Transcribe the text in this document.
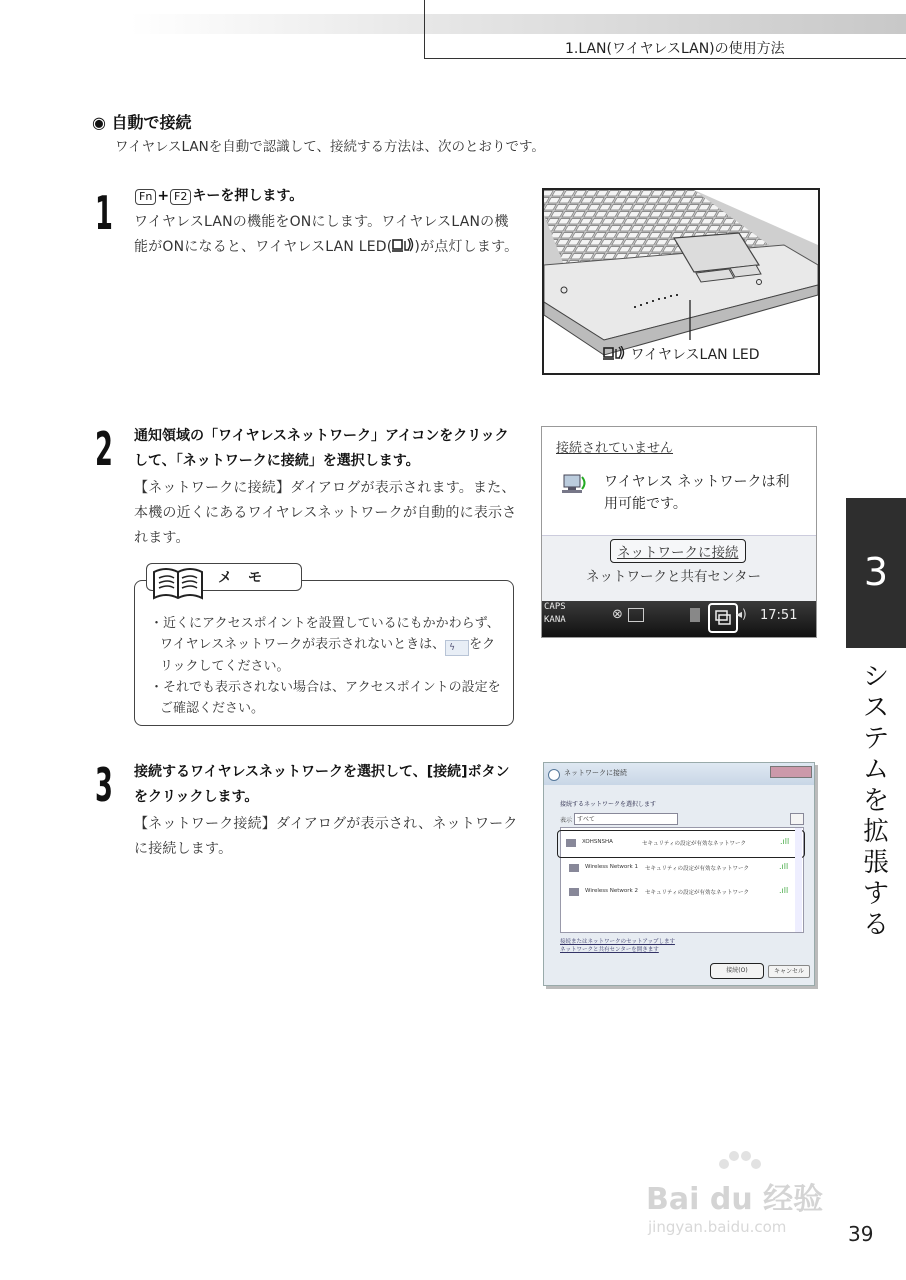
1.LAN(ワイヤレスLAN)の使用方法
◉ 自動で接続
ワイヤレスLANを自動で認識して、接続する方法は、次のとおりです。
1	Fn + F2 キーを押します。
ワイヤレスLANの機能をONにします。ワイヤレスLANの機能がONになると、ワイヤレスLAN LED( )が点灯します。
ワイヤレスLAN LED
2 通知領域の「ワイヤレスネットワーク」アイコンをクリックして、「ネットワークに接続」を選択します。
【ネットワークに接続】ダイアログが表示されます。また、本機の近くにあるワイヤレスネットワークが自動的に表示されます。
接続されていません
ワイヤレス ネットワークは利
用可能です。
ネットワークに接続
ネットワークと共有センター
CAPS
KANA	⊗	◂) 17:51
メモ
・近くにアクセスポイントを設置しているにもかかわらず、ワイヤレスネットワークが表示されないときは、 ϟ をクリックしてください。
・それでも表示されない場合は、アクセスポイントの設定をご確認ください。
3 接続するワイヤレスネットワークを選択して、[接続]ボタンをクリックします。
【ネットワーク接続】ダイアログが表示され、ネットワークに接続します。
ネットワークに接続
接続するネットワークを選択します
表示 すべて
XOHSNSHA	セキュリティの設定が有効なネットワーク	.ıll
Wireless Network 1 セキュリティの設定が有効なネットワーク	.ıll
Wireless Network 2 セキュリティの設定が有効なネットワーク	.ıll
接続またはネットワークのセットアップします
ネットワークと共有センターを開きます
接続(O)	キャンセル
3
システムを拡張する
Bai du 经验
jingyan.baidu.com	39
